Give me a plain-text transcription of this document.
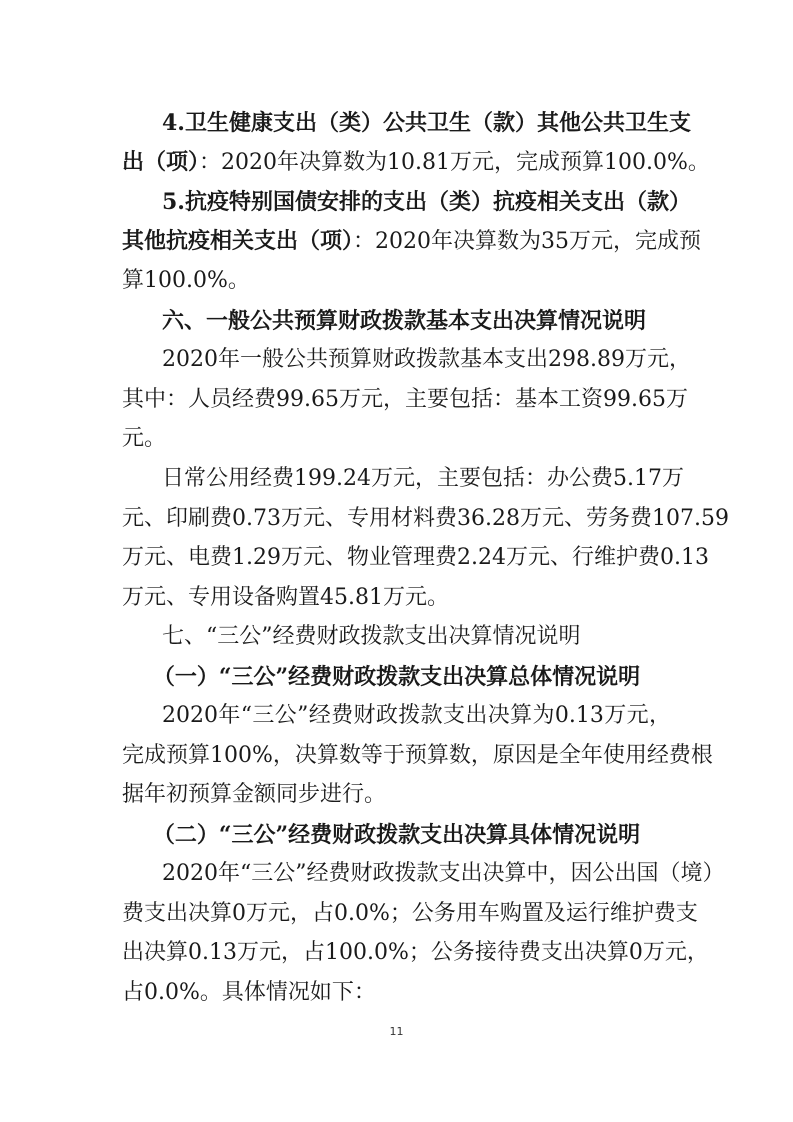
4.卫生健康支出（类）公共卫生（款）其他公共卫生支
出（项）：2020年决算数为10.81万元，完成预算100.0%。
5.抗疫特别国债安排的支出（类）抗疫相关支出（款）
其他抗疫相关支出（项）：2020年决算数为35万元，完成预
算100.0%。
六、一般公共预算财政拨款基本支出决算情况说明
2020年一般公共预算财政拨款基本支出298.89万元，
其中：人员经费99.65万元，主要包括：基本工资99.65万
元。
日常公用经费199.24万元，主要包括：办公费5.17万
元、印刷费0.73万元、专用材料费36.28万元、劳务费107.59
万元、电费1.29万元、物业管理费2.24万元、行维护费0.13
万元、专用设备购置45.81万元。
七、“三公”经费财政拨款支出决算情况说明
（一）“三公”经费财政拨款支出决算总体情况说明
2020年“三公”经费财政拨款支出决算为0.13万元，
完成预算100%，决算数等于预算数，原因是全年使用经费根
据年初预算金额同步进行。
（二）“三公”经费财政拨款支出决算具体情况说明
2020年“三公”经费财政拨款支出决算中，因公出国（境）
费支出决算0万元，占0.0%；公务用车购置及运行维护费支
出决算0.13万元，占100.0%；公务接待费支出决算0万元，
占0.0%。具体情况如下：
11
